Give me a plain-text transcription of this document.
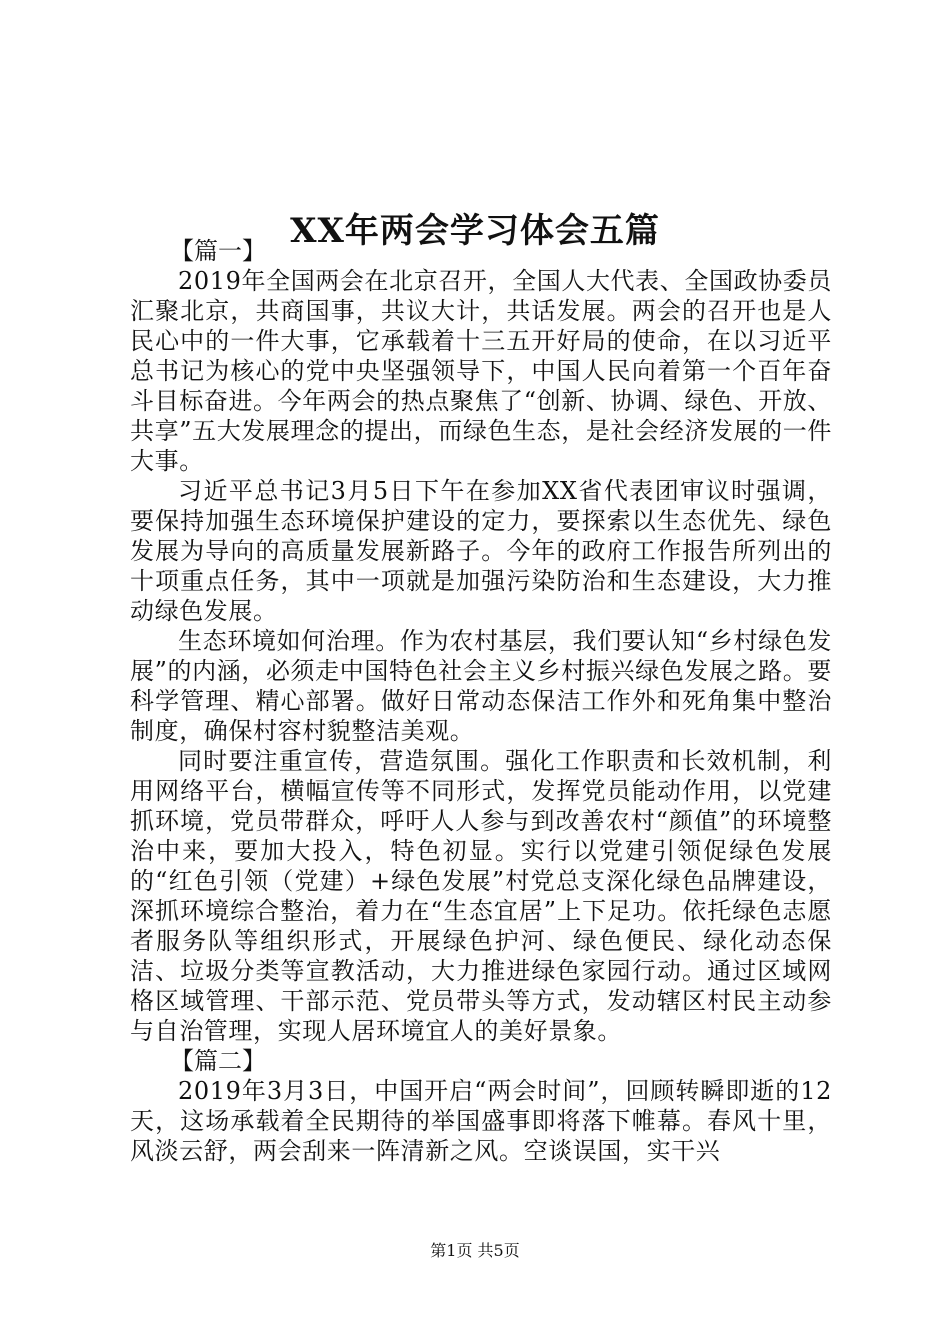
XX年两会学习体会五篇

【篇一】

2019年全国两会在北京召开，全国人大代表、全国政协委员汇聚北京，共商国事，共议大计，共话发展。两会的召开也是人民心中的一件大事，它承载着十三五开好局的使命，在以习近平总书记为核心的党中央坚强领导下，中国人民向着第一个百年奋斗目标奋进。今年两会的热点聚焦了“创新、协调、绿色、开放、共享”五大发展理念的提出，而绿色生态，是社会经济发展的一件大事。

习近平总书记3月5日下午在参加XX省代表团审议时强调，要保持加强生态环境保护建设的定力，要探索以生态优先、绿色发展为导向的高质量发展新路子。今年的政府工作报告所列出的十项重点任务，其中一项就是加强污染防治和生态建设，大力推动绿色发展。

生态环境如何治理。作为农村基层，我们要认知“乡村绿色发展”的内涵，必须走中国特色社会主义乡村振兴绿色发展之路。要科学管理、精心部署。做好日常动态保洁工作外和死角集中整治制度，确保村容村貌整洁美观。

同时要注重宣传，营造氛围。强化工作职责和长效机制，利用网络平台，横幅宣传等不同形式，发挥党员能动作用，以党建抓环境，党员带群众，呼吁人人参与到改善农村“颜值”的环境整治中来，要加大投入，特色初显。实行以党建引领促绿色发展的“红色引领（党建）+绿色发展”村党总支深化绿色品牌建设，深抓环境综合整治，着力在“生态宜居”上下足功。依托绿色志愿者服务队等组织形式，开展绿色护河、绿色便民、绿化动态保洁、垃圾分类等宣教活动，大力推进绿色家园行动。通过区域网格区域管理、干部示范、党员带头等方式，发动辖区村民主动参与自治管理，实现人居环境宜人的美好景象。

【篇二】

2019年3月3日，中国开启“两会时间”，回顾转瞬即逝的12天，这场承载着全民期待的举国盛事即将落下帷幕。春风十里，风淡云舒，两会刮来一阵清新之风。空谈误国，实干兴

第1页 共5页
